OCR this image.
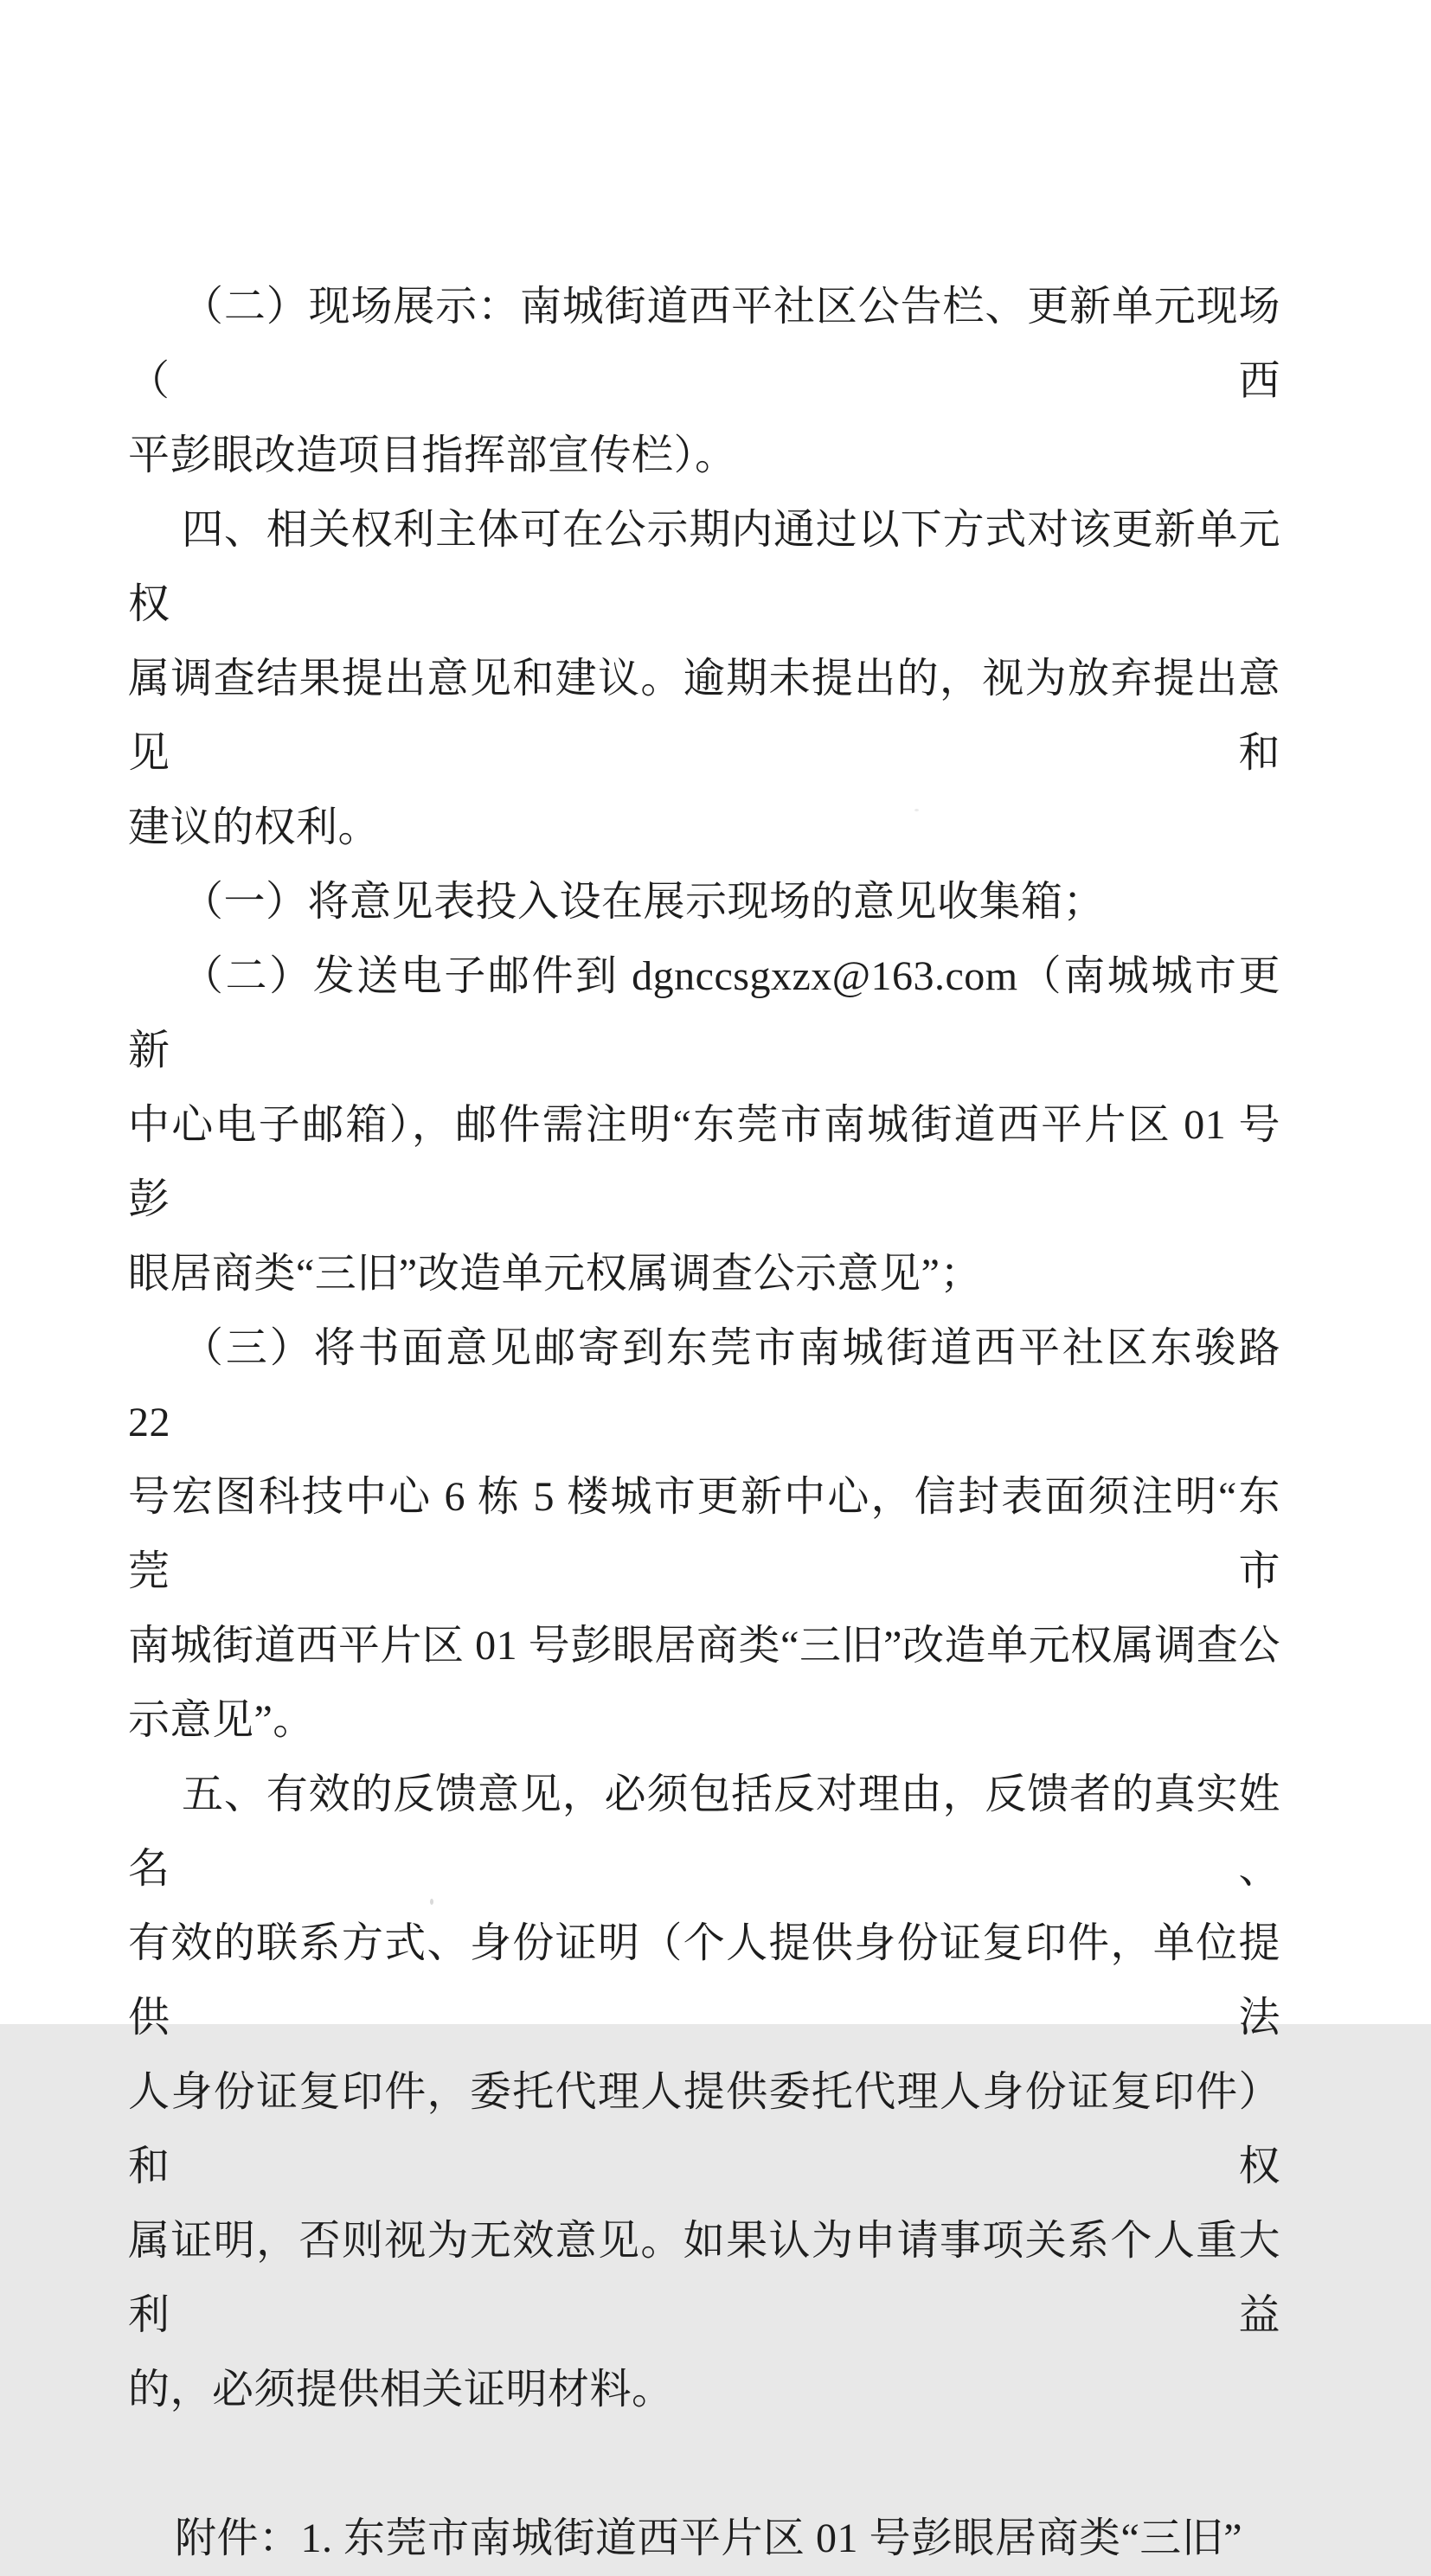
（二）现场展示：南城街道西平社区公告栏、更新单元现场（西

平彭眼改造项目指挥部宣传栏）。

四、相关权利主体可在公示期内通过以下方式对该更新单元权

属调查结果提出意见和建议。逾期未提出的，视为放弃提出意见和

建议的权利。

（一）将意见表投入设在展示现场的意见收集箱；

（二）发送电子邮件到 dgnccsgxzx@163.com（南城城市更新

中心电子邮箱），邮件需注明“东莞市南城街道西平片区 01 号彭

眼居商类“三旧”改造单元权属调查公示意见”；

（三）将书面意见邮寄到东莞市南城街道西平社区东骏路 22

号宏图科技中心 6 栋 5 楼城市更新中心，信封表面须注明“东莞市

南城街道西平片区 01 号彭眼居商类“三旧”改造单元权属调查公

示意见”。

五、有效的反馈意见，必须包括反对理由，反馈者的真实姓名、

有效的联系方式、身份证明（个人提供身份证复印件，单位提供法

人身份证复印件，委托代理人提供委托代理人身份证复印件）和权

属证明，否则视为无效意见。如果认为申请事项关系个人重大利益

的，必须提供相关证明材料。

附件：1. 东莞市南城街道西平片区 01 号彭眼居商类“三旧”
